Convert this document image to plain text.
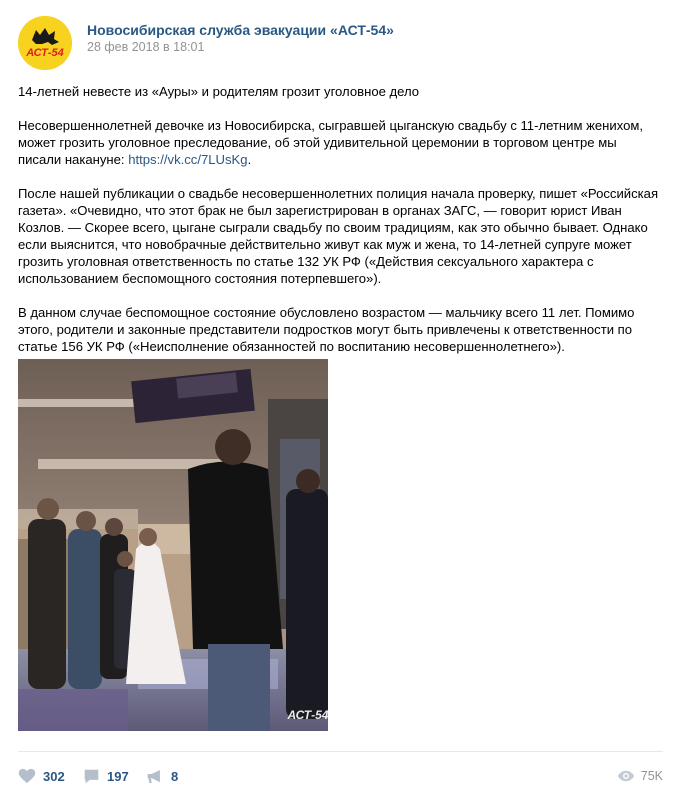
АСТ-54
Новосибирская служба эвакуации «АСТ-54»
28 фев 2018 в 18:01

14-летней невесте из «Ауры» и родителям грозит уголовное дело

Несовершеннолетней девочке из Новосибирска, сыгравшей цыганскую свадьбу с 11-летним женихом, может грозить уголовное преследование, об этой удивительной церемонии в торговом центре мы писали накануне: https://vk.cc/7LUsKg.

После нашей публикации о свадьбе несовершеннолетних полиция начала проверку, пишет «Российская газета». «Очевидно, что этот брак не был зарегистрирован в органах ЗАГС, — говорит юрист Иван Козлов. — Скорее всего, цыгане сыграли свадьбу по своим традициям, как это обычно бывает. Однако если выяснится, что новобрачные действительно живут как муж и жена, то 14-летней супруге может грозить уголовная ответственность по статье 132 УК РФ («Действия сексуального характера с использованием беспомощного состояния потерпевшего»).

В данном случае беспомощное состояние обусловлено возрастом — мальчику всего 11 лет. Помимо этого, родители и законные представители подростков могут быть привлечены к ответственности по статье 156 УК РФ («Неисполнение обязанностей по воспитанию несовершеннолетнего»).

АСТ-54
302	197	8	75K
